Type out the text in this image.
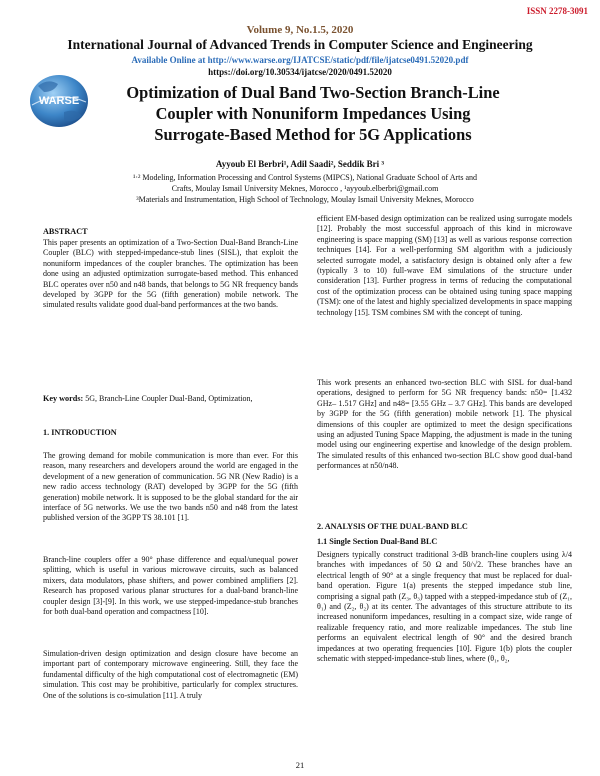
ISSN 2278-3091
Volume 9, No.1.5, 2020
International Journal of Advanced Trends in Computer Science and Engineering
Available Online at http://www.warse.org/IJATCSE/static/pdf/file/ijatcse0491.52020.pdf
https://doi.org/10.30534/ijatcse/2020/0491.52020
WARSE	Optimization of Dual Band Two-Section Branch-Line
Coupler with Nonuniform Impedances Using
Surrogate-Based Method for 5G Applications
Ayyoub El Berbri¹, Adil Saadi², Seddik Bri ³
¹·² Modeling, Information Processing and Control Systems (MIPCS), National Graduate School of Arts and
Crafts, Moulay Ismail University Meknes, Morocco , ¹ayyoub.elberbri@gmail.com
³Materials and Instrumentation, High School of Technology, Moulay Ismail University Meknes, Morocco
ABSTRACT
This paper presents an optimization of a Two-Section Dual-Band Branch-Line Coupler (BLC) with stepped-impedance-stub lines (SISL), that exploit the nonuniform impedances of the coupler branches. The optimization has been done using an adjusted optimization surrogate-based method. This enhanced BLC operates over n50 and n48 bands, that belongs to 5G NR frequency bands developed by 3GPP for the 5G (fifth generation) mobile network. The simulated results validate good dual-band performances at the two bands.
Key words: 5G, Branch-Line Coupler Dual-Band, Optimization,
1. INTRODUCTION
The growing demand for mobile communication is more than ever. For this reason, many researchers and developers around the world are engaged in the development of a new generation of communication. 5G NR (New Radio) is a new radio access technology (RAT) developed by 3GPP for the 5G (fifth generation) mobile network. It is supposed to be the global standard for the air interface of 5G networks. We use the two bands n50 and n48 from the latest published version of the 3GPP TS 38.101 [1].
Branch-line couplers offer a 90° phase difference and equal/unequal power splitting, which is useful in various microwave circuits, such as balanced mixers, data modulators, phase shifters, and power combined amplifiers [2]. Research has proposed various planar structures for a dual-band branch-line coupler design [3]-[9]. In this work, we use stepped-impedance-stub branches for both dual-band operation and compactness [10].
Simulation-driven design optimization and design closure have become an important part of contemporary microwave engineering. Still, they face the fundamental difficulty of the high computational cost of electromagnetic (EM) simulation. This cost may be prohibitive, particularly for complex structures. One of the solutions is co-simulation [11]. A truly
efficient EM-based design optimization can be realized using surrogate models [12]. Probably the most successful approach of this kind in microwave engineering is space mapping (SM) [13] as well as various response correction techniques [14]. For a well-performing SM algorithm with a judiciously selected surrogate model, a satisfactory design is obtained only after a few (typically 3 to 10) full-wave EM simulations of the structure under consideration [13]. Further progress in terms of reducing the computational cost of the optimization process can be obtained using tuning space mapping (TSM): one of the latest and highly specialized developments in space mapping technology [15]. TSM combines SM with the concept of tuning.
This work presents an enhanced two-section BLC with SISL for dual-band operations, designed to perform for 5G NR frequency bands: n50= [1.432 GHz– 1.517 GHz] and n48= [3.55 GHz – 3.7 GHz]. This bands are developed by 3GPP for the 5G (fifth generation) mobile network [1]. The physical dimensions of this coupler are optimized to meet the design specifications using an adjusted Tuning Space Mapping, the adjustment is made in the tuning model using our engineering expertise and knowledge of the design problem. The simulated results of this enhanced two-section BLC show good dual-band performances at n50/n48.
2. ANALYSIS OF THE DUAL-BAND BLC
1.1 Single Section Dual-Band BLC
Designers typically construct traditional 3-dB branch-line couplers using λ/4 branches with impedances of 50 Ω and 50/√2. These branches have an electrical length of 90° at a single frequency that must be replaced for dual-band operation. Figure 1(a) presents the stepped impedance stub line, comprising a signal path (Z₃, θ₃) tapped with a stepped-impedance stub of (Z₁, θ₁) and (Z₂, θ₂) at its center. The advantages of this structure attribute to its increased nonuniform impedances, resulting in a compact size, wide range of realizable frequency ratio, and more realizable impedances. The stub line performs an equivalent electrical length of 90° and the desired branch impedances at two operating frequencies [10]. Figure 1(b) plots the coupler schematic with stepped-impedance-stub lines, where (θ₁, θ₂,
21
